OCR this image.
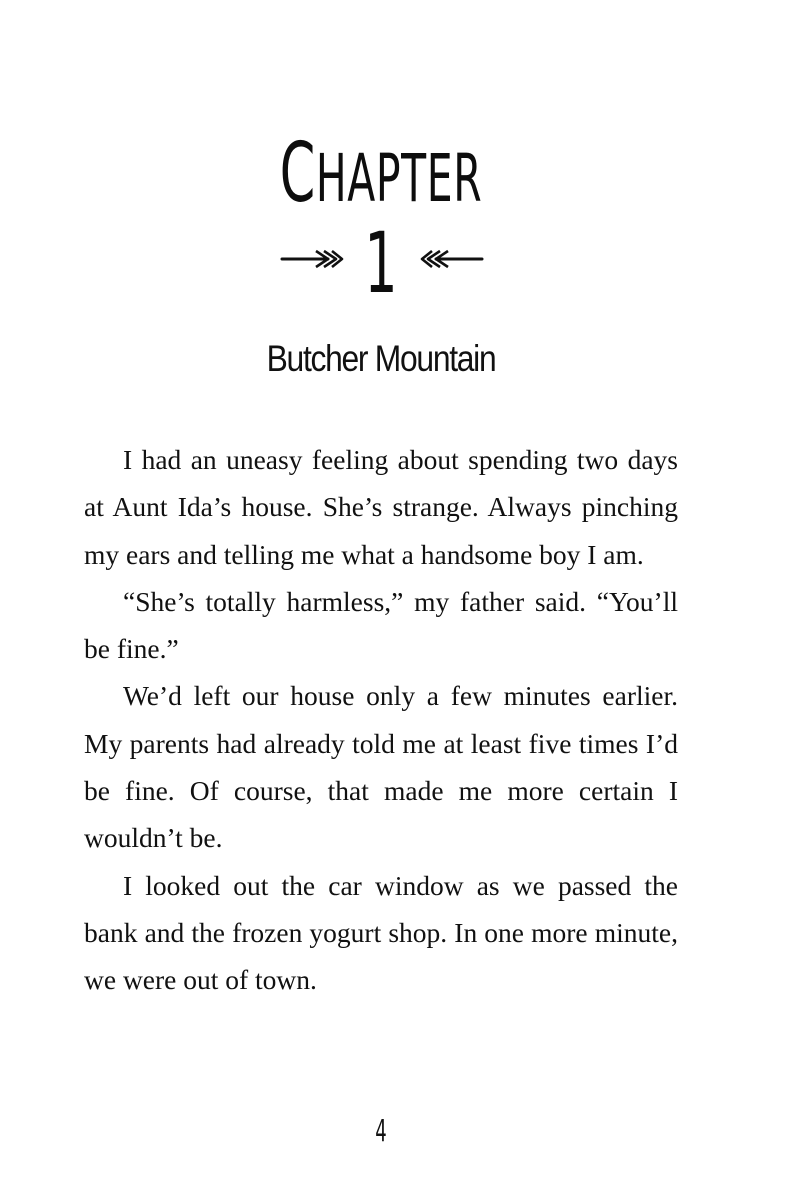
CHAPTER
1
Butcher Mountain

I had an uneasy feeling about spending two days at Aunt Ida’s house. She’s strange. Always pinching my ears and telling me what a handsome boy I am.

“She’s totally harmless,” my father said. “You’ll be fine.”

We’d left our house only a few minutes earlier. My parents had already told me at least five times I’d be fine. Of course, that made me more certain I wouldn’t be.

I looked out the car window as we passed the bank and the frozen yogurt shop. In one more minute, we were out of town.

4
